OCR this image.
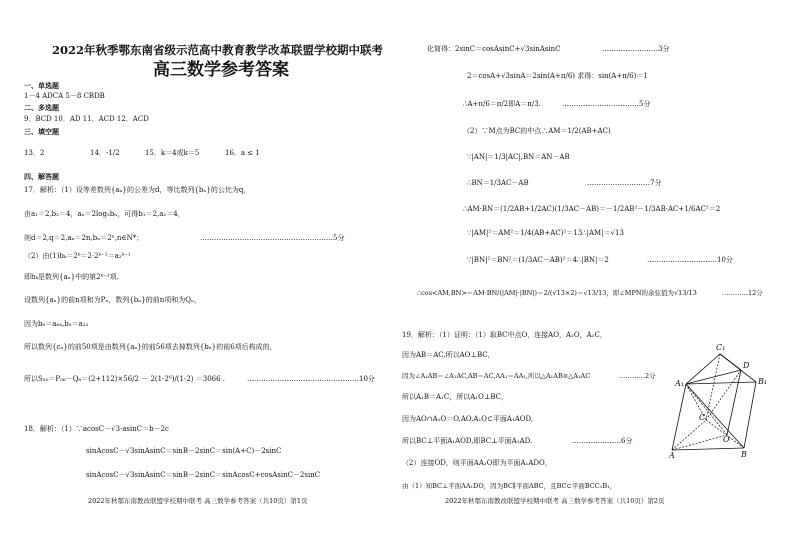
2022年秋季鄂东南省级示范高中教育教学改革联盟学校期中联考
高三数学参考答案
一、单选题
1－4 ADCA 5－8 CBDB
二、多选题
9．BCD 10．AD 11．ACD 12．ACD
三、填空题
13．2	14．-1/2	15．k＝4或k＝5	16．a ≤ 1
四、解答题
17．解析：（1）设等差数列{aₙ}的公差为d，等比数列{bₙ}的公比为q，
由a₁＝2,b₂＝4，aₙ＝2log₂bₙ，可得b₁＝2,a₂＝4，
则d＝2,q＝2,aₙ＝2n,bₙ＝2ⁿ,n∈N*；	…………………………………………………5分
（2）由(1)bₖ＝2ᵏ＝2·2ᵏ⁻¹＝a₂ᵏ⁻¹
即bₖ是数列{aₙ}中的第2ᵏ⁻¹项.
设数列{aₙ}的前n项和为Pₙ，数列{bₙ}的前n项和为Qₙ，
因为b₆＝a₆₄,b₅＝a₃₂
所以数列{cₙ}的前50项是由数列{aₙ}的前56项去掉数列{bₙ}的前6项后构成的，
所以S₅₀＝P₅₆－Q₆＝(2+112)×56/2 － 2(1-2⁶)/(1-2) ＝3066 .	…………………………………………10分
18．解析：（1）∵acosC－√3·asinC＝b－2c
sinAcosC－√3sinAsinC＝sinB－2sinC＝sin(A+C)－2sinC
sinAcosC－√3sinAsinC＝sinB－2sinC＝sinAcosC+cosAsinC－2sinC
2022年秋鄂东南教改联盟学校期中联考 高三数学参考答案（共10页）第1页
化简得：2sinC＝cosAsinC+√3sinAsinC	……………………3分
2＝cosA+√3sinA＝2sin(A+π/6) 求得：sin(A+π/6)＝1
∴A+π/6＝π/2即A＝π/3.	……………………………5分
（2）∵M点为BC的中点∴AM＝1/2(AB+AC)
∵|AN|＝1/3|AC|,BN＝AN－AB
∴BN＝1/3AC－AB	………………………7分
∴AM·BN＝(1/2AB+1/2AC)(1/3AC－AB)＝－1/2AB²－1/3AB·AC+1/6AC²＝2
∵|AM|²＝AM²＝1/4(AB+AC)²＝13∴|AM|＝√13
∵|BN|²＝BN²＝(1/3AC－AB)²＝4∴|BN|＝2	…………………………10分
∴cos<AM,BN>＝AM·BN/(|AM|·|BN|)＝2/(√13×2)＝√13/13，即∠MPN的余弦值为√13/13	…………12分
19．解析：（1）证明：（1）取BC中点O，连接AO，A₁O，A₁C，
因为AB＝AC,所以AO⊥BC，
因为∠A₁AB＝∠A₁AC,AB＝AC,AA₁＝AA₁,所以△A₁AB≅△A₁AC	…………2分
所以A₁B＝A₁C，所以A₁O⊥BC，
因为AO∩A₁O＝O,AO,A₁O⊂平面A₁AOD,
所以BC⊥平面A₁AOD,即BC⊥平面A₁AD.	…………………6分
（2）连接OD，则平面AA₁O即为平面A₁ADO，
由（1）知BC⊥平面AA₁DO，因为BC∥平面ABC，且BC⊂平面BCC₁B₁，
C₁
D
B₁
A₁
C
O
A	B
2022年秋鄂东南教改联盟学校期中联考 高三数学参考答案（共10页）第2页
